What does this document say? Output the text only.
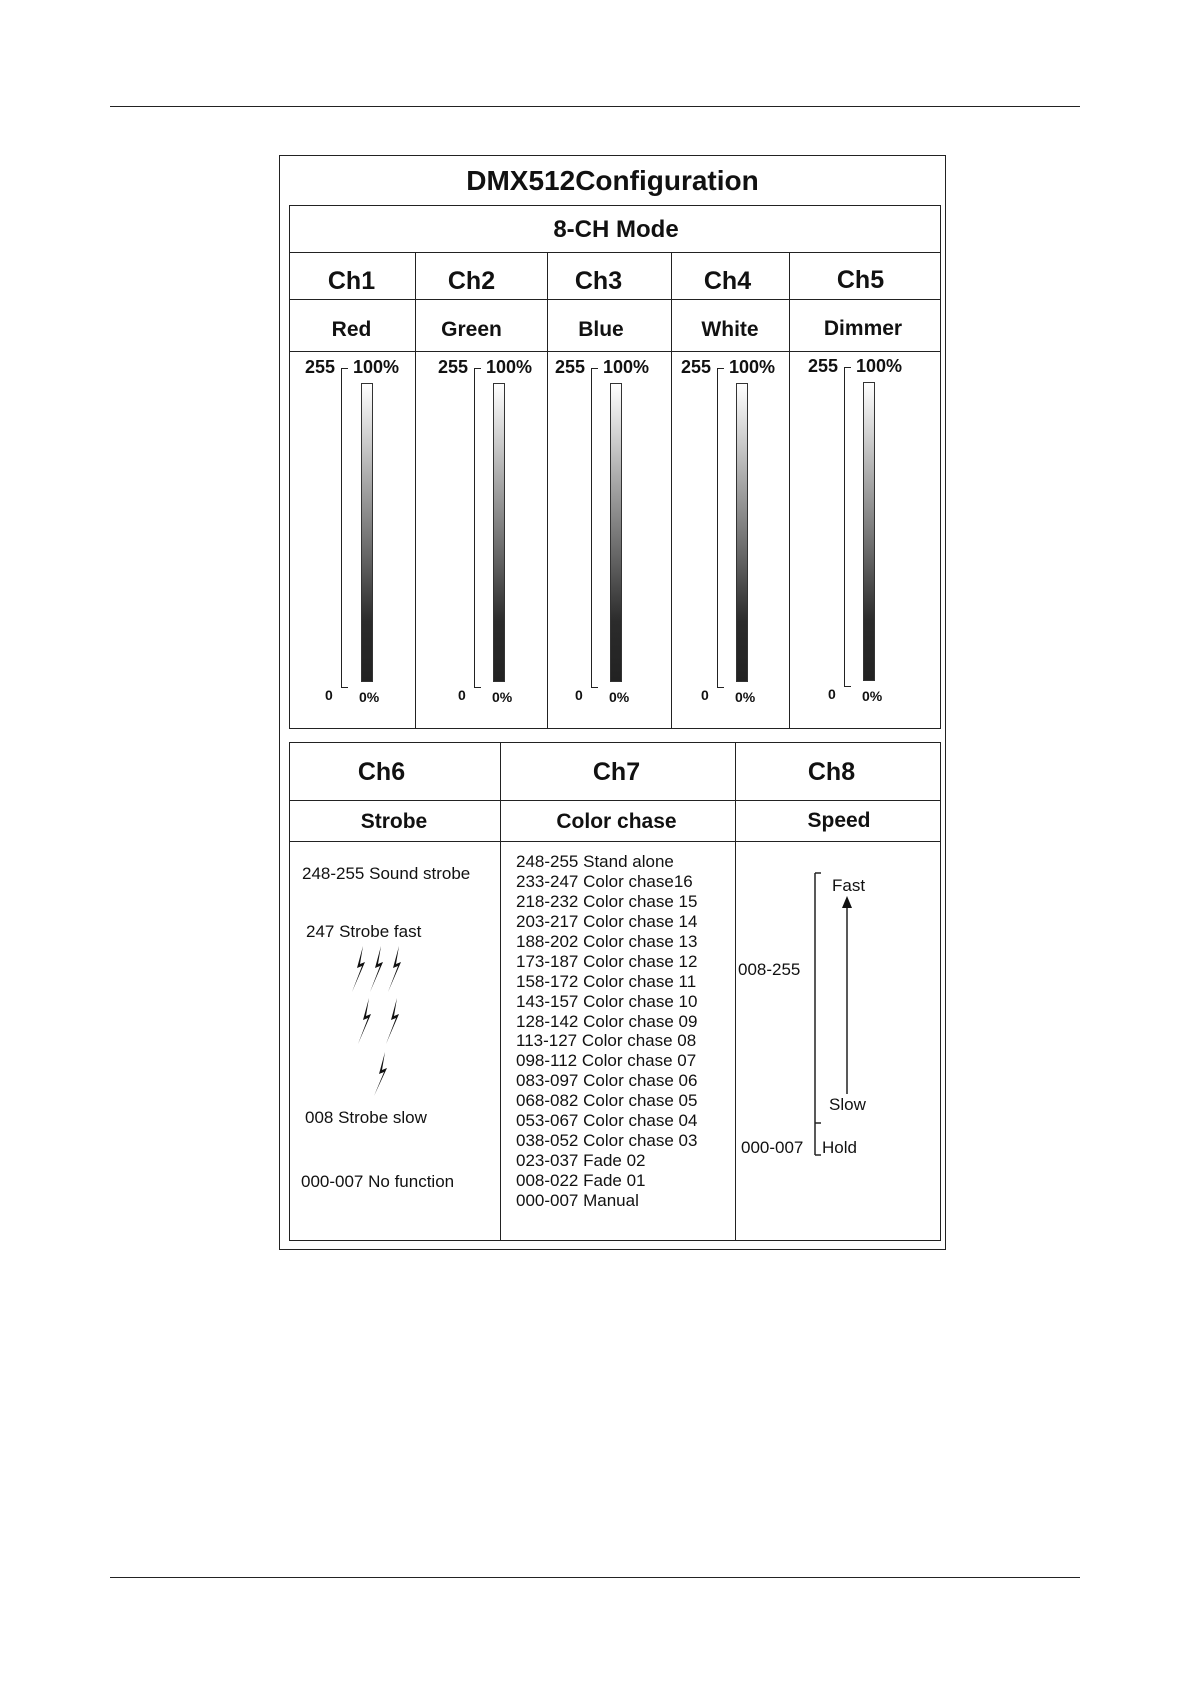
DMX512Configuration
8-CH Mode
Ch1
Red
255 100%
0 0%
Ch2
Green
255 100%
0 0%
Ch3
Blue
255 100%
0 0%
Ch4
White
255 100%
0 0%
Ch5
Dimmer
255 100%
0 0%
Ch6
Strobe
248-255 Sound strobe
247 Strobe fast
008 Strobe slow
000-007 No function
Ch7
Color chase
248-255 Stand alone
233-247 Color chase16
218-232 Color chase 15
203-217 Color chase 14
188-202 Color chase 13
173-187 Color chase 12
158-172 Color chase 11
143-157 Color chase 10
128-142 Color chase 09
113-127 Color chase 08
098-112 Color chase 07
083-097 Color chase 06
068-082 Color chase 05
053-067 Color chase 04
038-052 Color chase 03
023-037 Fade 02
008-022 Fade 01
000-007 Manual
Ch8
Speed
008-255
Fast
Slow
000-007 Hold
